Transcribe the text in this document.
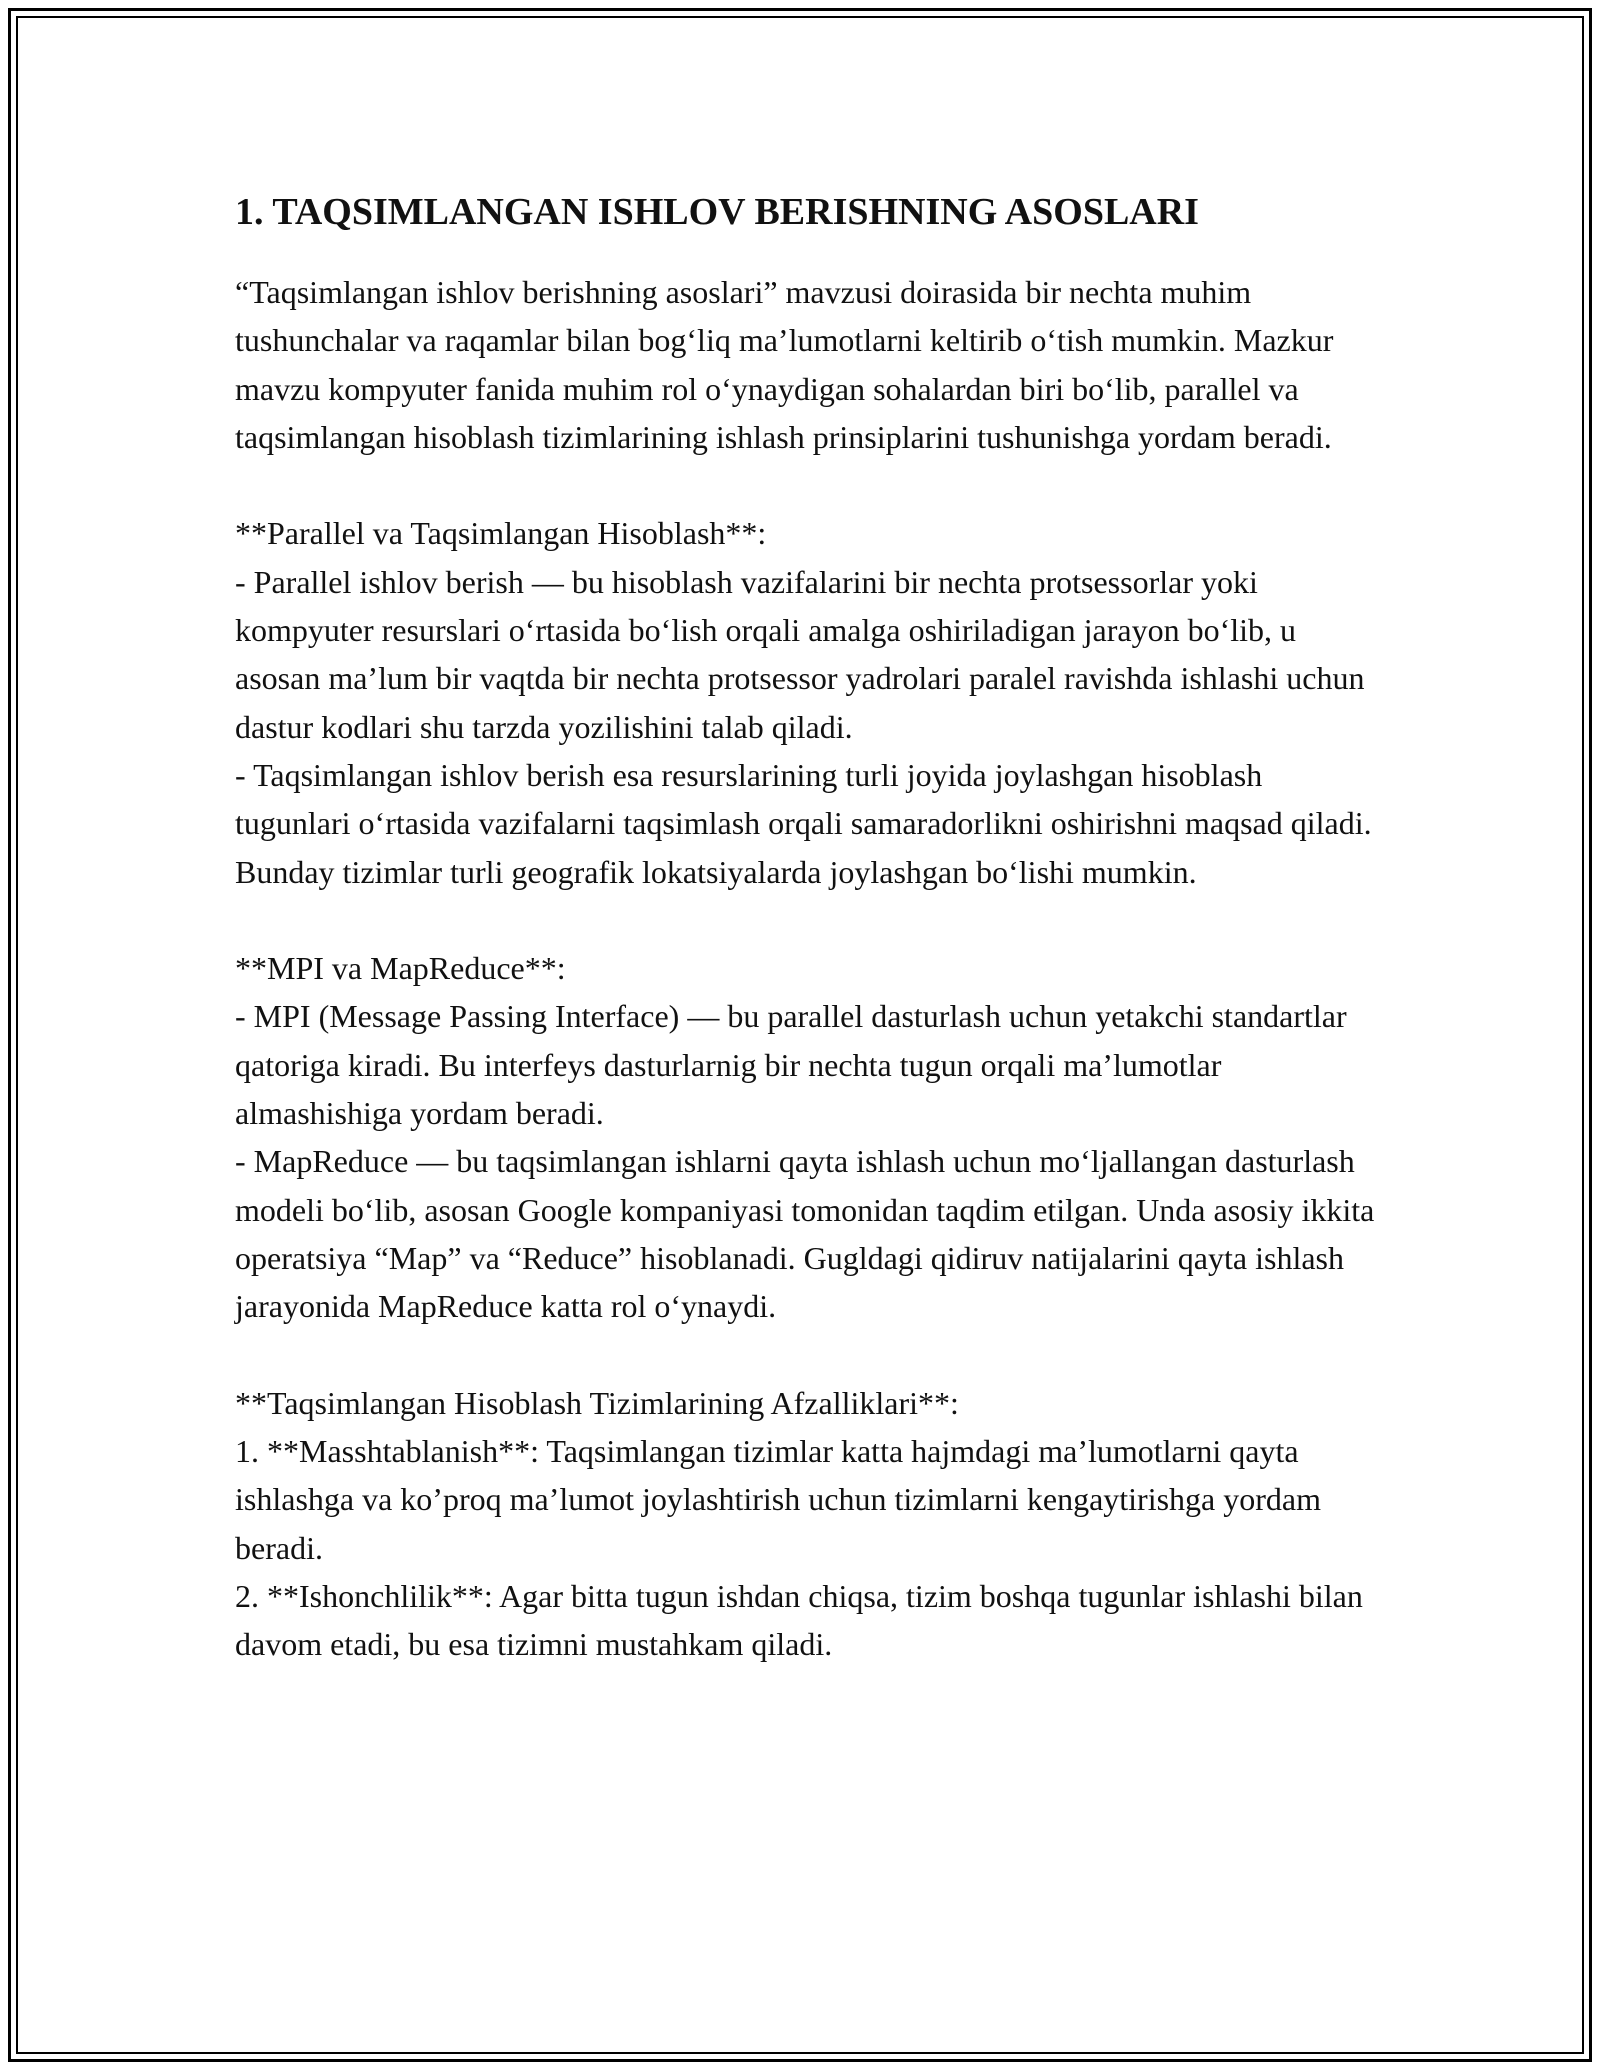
1. TAQSIMLANGAN ISHLOV BERISHNING ASOSLARI

“Taqsimlangan ishlov berishning asoslari” mavzusi doirasida bir nechta muhim tushunchalar va raqamlar bilan bog‘liq ma’lumotlarni keltirib o‘tish mumkin. Mazkur mavzu kompyuter fanida muhim rol o‘ynaydigan sohalardan biri bo‘lib, parallel va taqsimlangan hisoblash tizimlarining ishlash prinsiplarini tushunishga yordam beradi.

**Parallel va Taqsimlangan Hisoblash**:

- Parallel ishlov berish — bu hisoblash vazifalarini bir nechta protsessorlar yoki kompyuter resurslari o‘rtasida bo‘lish orqali amalga oshiriladigan jarayon bo‘lib, u asosan ma’lum bir vaqtda bir nechta protsessor yadrolari paralel ravishda ishlashi uchun dastur kodlari shu tarzda yozilishini talab qiladi.

- Taqsimlangan ishlov berish esa resurslarining turli joyida joylashgan hisoblash tugunlari o‘rtasida vazifalarni taqsimlash orqali samaradorlikni oshirishni maqsad qiladi. Bunday tizimlar turli geografik lokatsiyalarda joylashgan bo‘lishi mumkin.

**MPI va MapReduce**:

- MPI (Message Passing Interface) — bu parallel dasturlash uchun yetakchi standartlar qatoriga kiradi. Bu interfeys dasturlarnig bir nechta tugun orqali ma’lumotlar almashishiga yordam beradi.

- MapReduce — bu taqsimlangan ishlarni qayta ishlash uchun mo‘ljallangan dasturlash modeli bo‘lib, asosan Google kompaniyasi tomonidan taqdim etilgan. Unda asosiy ikkita operatsiya “Map” va “Reduce” hisoblanadi. Gugldagi qidiruv natijalarini qayta ishlash jarayonida MapReduce katta rol o‘ynaydi.

**Taqsimlangan Hisoblash Tizimlarining Afzalliklari**:

1. **Masshtablanish**: Taqsimlangan tizimlar katta hajmdagi ma’lumotlarni qayta ishlashga va ko’proq ma’lumot joylashtirish uchun tizimlarni kengaytirishga yordam beradi.

2. **Ishonchlilik**: Agar bitta tugun ishdan chiqsa, tizim boshqa tugunlar ishlashi bilan davom etadi, bu esa tizimni mustahkam qiladi.
